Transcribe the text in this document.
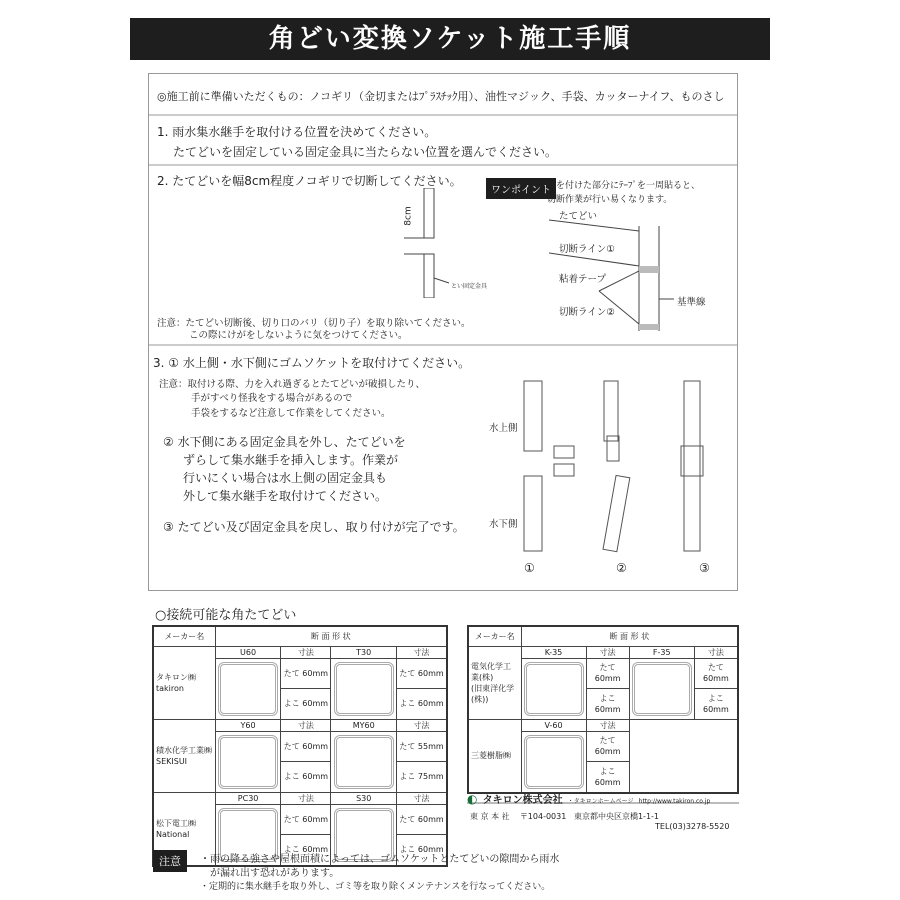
角どい変換ソケット施工手順
◎施工前に準備いただくもの：ノコギリ（金切またはﾌﾟﾗｽﾁｯｸ用）、油性マジック、手袋、カッターナイフ、ものさし
1. 雨水集水継手を取付ける位置を決めてください。
たてどいを固定している固定金具に当たらない位置を選んでください。
2. たてどいを幅8cm程度ノコギリで切断してください。
8cm
とい固定金具
ワンポイント
印を付けた部分にﾃｰﾌﾟを一周貼ると、
切断作業が行い易くなります。
たてどい
切断ライン①
粘着テープ
切断ライン②
基準線
注意：たてどい切断後、切り口のバリ（切り子）を取り除いてください。
この際にけがをしないように気をつけてください。
3. ① 水上側・水下側にゴムソケットを取付けてください。
注意：取付ける際、力を入れ過ぎるとたてどいが破損したり、
手がすべり怪我をする場合があるので
手袋をするなど注意して作業をしてください。
② 水下側にある固定金具を外し、たてどいを
ずらして集水継手を挿入します。作業が
行いにくい場合は水上側の固定金具も
外して集水継手を取付けてください。
③ たてどい及び固定金具を戻し、取り付けが完了です。
水上側
水下側
①	②	③
○接続可能な角たてどい
メーカー名	断 面 形 状			

タキロン㈱
takiron	U60	寸法	T30	寸法

		たて 60mm		たて 60mm
		よこ 60mm		よこ 60mm

積水化学工業㈱
SEKISUI	Y60	寸法	MY60	寸法

		たて 60mm		たて 55mm
		よこ 60mm		よこ 75mm

松下電工㈱
National	PC30	寸法	S30	寸法

		たて 60mm		たて 60mm
		よこ 60mm		よこ 60mm
メーカー名	断 面 形 状			

電気化学工業(株)
(旧東洋化学(株))	K-35	寸法	F-35	寸法

		たて 60mm		たて 60mm
		よこ 60mm		よこ 60mm

三菱樹脂㈱	V-60	寸法		

		たて 60mm		
		よこ 60mm		
◐ タキロン株式会社 ・タキロンホームページ http://www.takiron.co.jp
東 京 本 社 〒104-0031 東京都中央区京橋1-1-1
TEL(03)3278-5520
注意	・雨の降る強さや屋根面積によっては、ゴムソケットとたてどいの隙間から雨水
が漏れ出す恐れがあります。
・定期的に集水継手を取り外し、ゴミ等を取り除くメンテナンスを行なってください。
